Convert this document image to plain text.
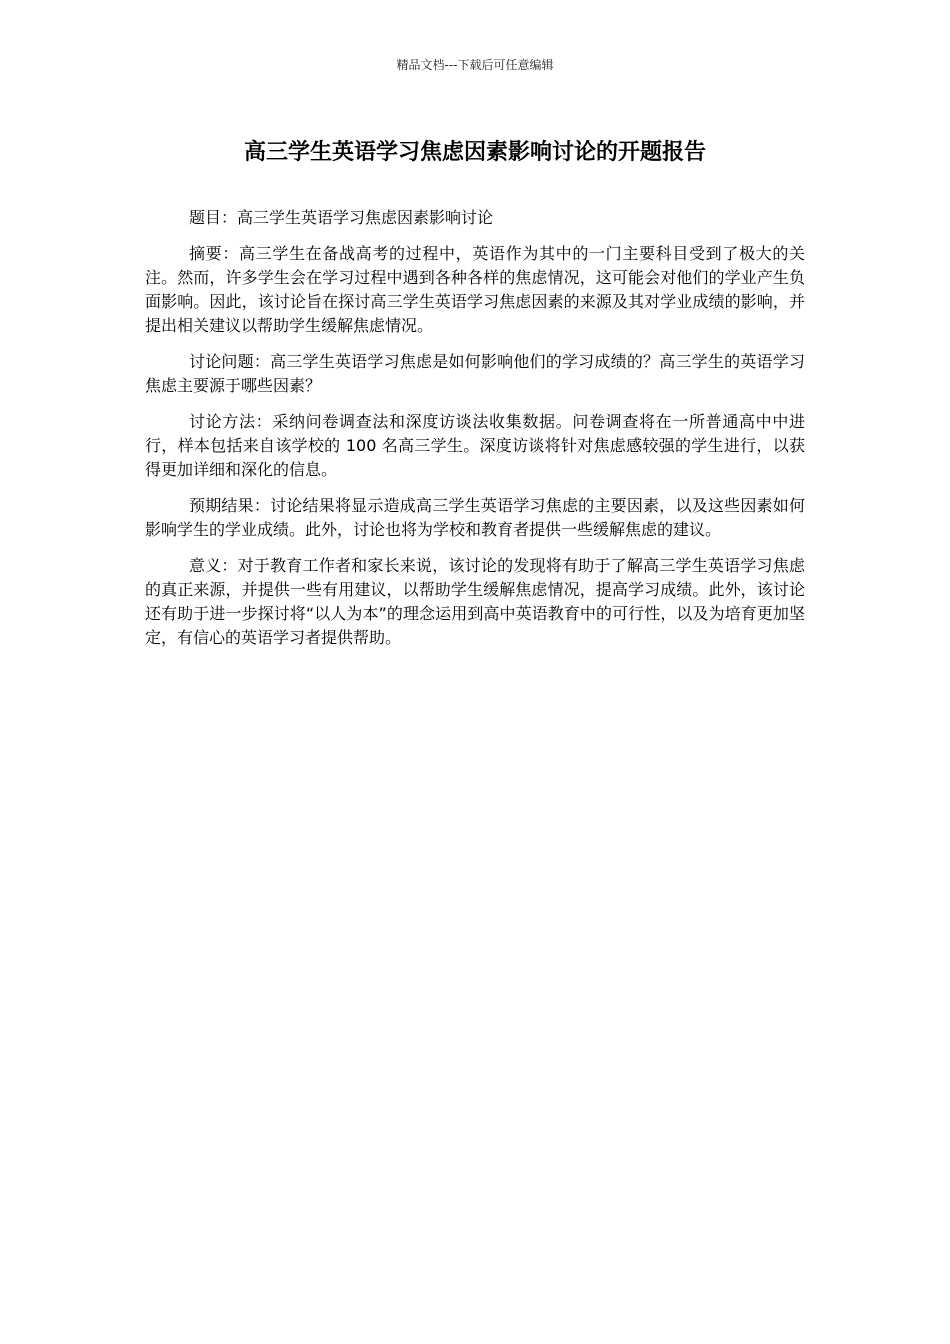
精品文档---下载后可任意编辑
高三学生英语学习焦虑因素影响讨论的开题报告

题目：高三学生英语学习焦虑因素影响讨论

摘要：高三学生在备战高考的过程中，英语作为其中的一门主要科目受到了极大的关注。然而，许多学生会在学习过程中遇到各种各样的焦虑情况，这可能会对他们的学业产生负面影响。因此，该讨论旨在探讨高三学生英语学习焦虑因素的来源及其对学业成绩的影响，并提出相关建议以帮助学生缓解焦虑情况。

讨论问题：高三学生英语学习焦虑是如何影响他们的学习成绩的？高三学生的英语学习焦虑主要源于哪些因素？

讨论方法：采纳问卷调查法和深度访谈法收集数据。问卷调查将在一所普通高中中进行，样本包括来自该学校的 100 名高三学生。深度访谈将针对焦虑感较强的学生进行，以获得更加详细和深化的信息。

预期结果：讨论结果将显示造成高三学生英语学习焦虑的主要因素，以及这些因素如何影响学生的学业成绩。此外，讨论也将为学校和教育者提供一些缓解焦虑的建议。

意义：对于教育工作者和家长来说，该讨论的发现将有助于了解高三学生英语学习焦虑的真正来源，并提供一些有用建议，以帮助学生缓解焦虑情况，提高学习成绩。此外，该讨论还有助于进一步探讨将“以人为本”的理念运用到高中英语教育中的可行性，以及为培育更加坚定，有信心的英语学习者提供帮助。
